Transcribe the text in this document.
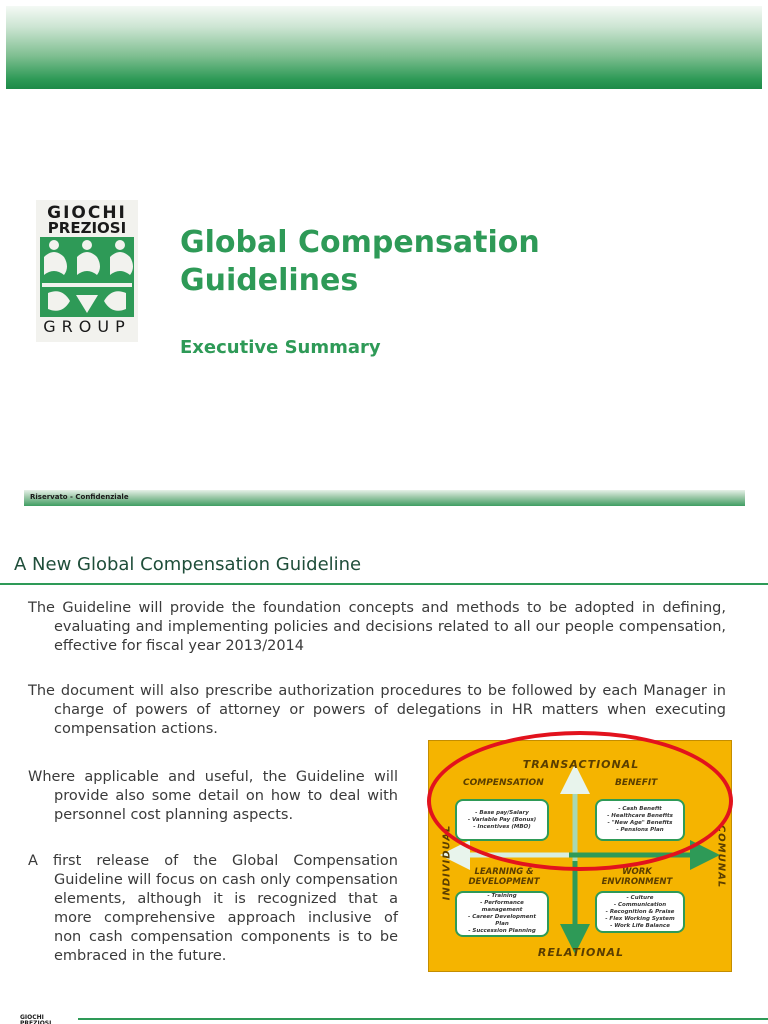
GIOCHI
PREZIOSI
GROUP
Global Compensation
Guidelines
Executive Summary
Riservato - Confidenziale
A New Global Compensation Guideline

The Guideline will provide the foundation concepts and methods to be adopted in defining, evaluating and implementing policies and decisions related to all our people compensation, effective for fiscal year 2013/2014

The document will also prescribe authorization procedures to be followed by each Manager in charge of powers of attorney or powers of delegations in HR matters when executing compensation actions.

Where applicable and useful, the Guideline will provide also some detail on how to deal with personnel cost planning aspects.

A first release of the Global Compensation Guideline will focus on cash only compensation elements, although it is recognized that a more comprehensive approach inclusive of non cash compensation components is to be embraced in the future.

TRANSACTIONAL
RELATIONAL
INDIVIDUAL	COMUNAL
COMPENSATION	BENEFIT
LEARNING &
DEVELOPMENT
WORK
ENVIRONMENT
- Base pay/Salary
- Variable Pay (Bonus)
- Incentives (MBO)
- Cash Benefit
- Healthcare Benefits
- "New Age" Benefits
- Pensions Plan
- Training
- Performance
management
- Career Development
Plan
- Succession Planning
- Culture
- Communication
- Recognition & Praise
- Flex Working System
- Work Life Balance
GIOCHI
PREZIOSI
